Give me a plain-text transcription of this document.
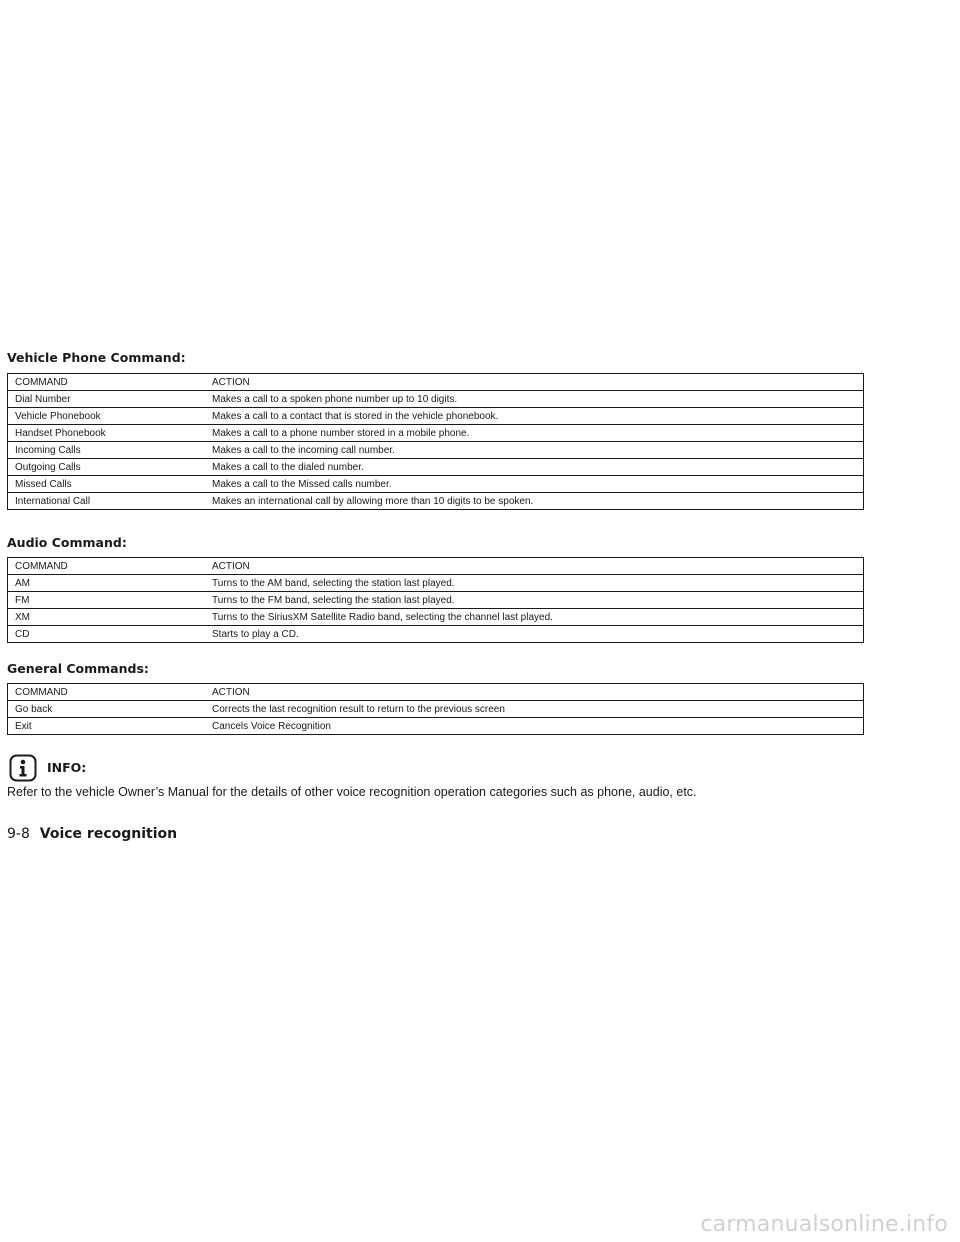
Vehicle Phone Command:
COMMAND	ACTION
Dial Number	Makes a call to a spoken phone number up to 10 digits.
Vehicle Phonebook	Makes a call to a contact that is stored in the vehicle phonebook.
Handset Phonebook	Makes a call to a phone number stored in a mobile phone.
Incoming Calls	Makes a call to the incoming call number.
Outgoing Calls	Makes a call to the dialed number.
Missed Calls	Makes a call to the Missed calls number.
International Call	Makes an international call by allowing more than 10 digits to be spoken.
Audio Command:
COMMAND	ACTION
AM	Turns to the AM band, selecting the station last played.
FM	Turns to the FM band, selecting the station last played.
XM	Turns to the SiriusXM Satellite Radio band, selecting the channel last played.
CD	Starts to play a CD.
General Commands:
COMMAND	ACTION
Go back	Corrects the last recognition result to return to the previous screen
Exit	Cancels Voice Recognition
INFO:
Refer to the vehicle Owner’s Manual for the details of other voice recognition operation categories such as phone, audio, etc.
9-8 Voice recognition
carmanualsonline.info
